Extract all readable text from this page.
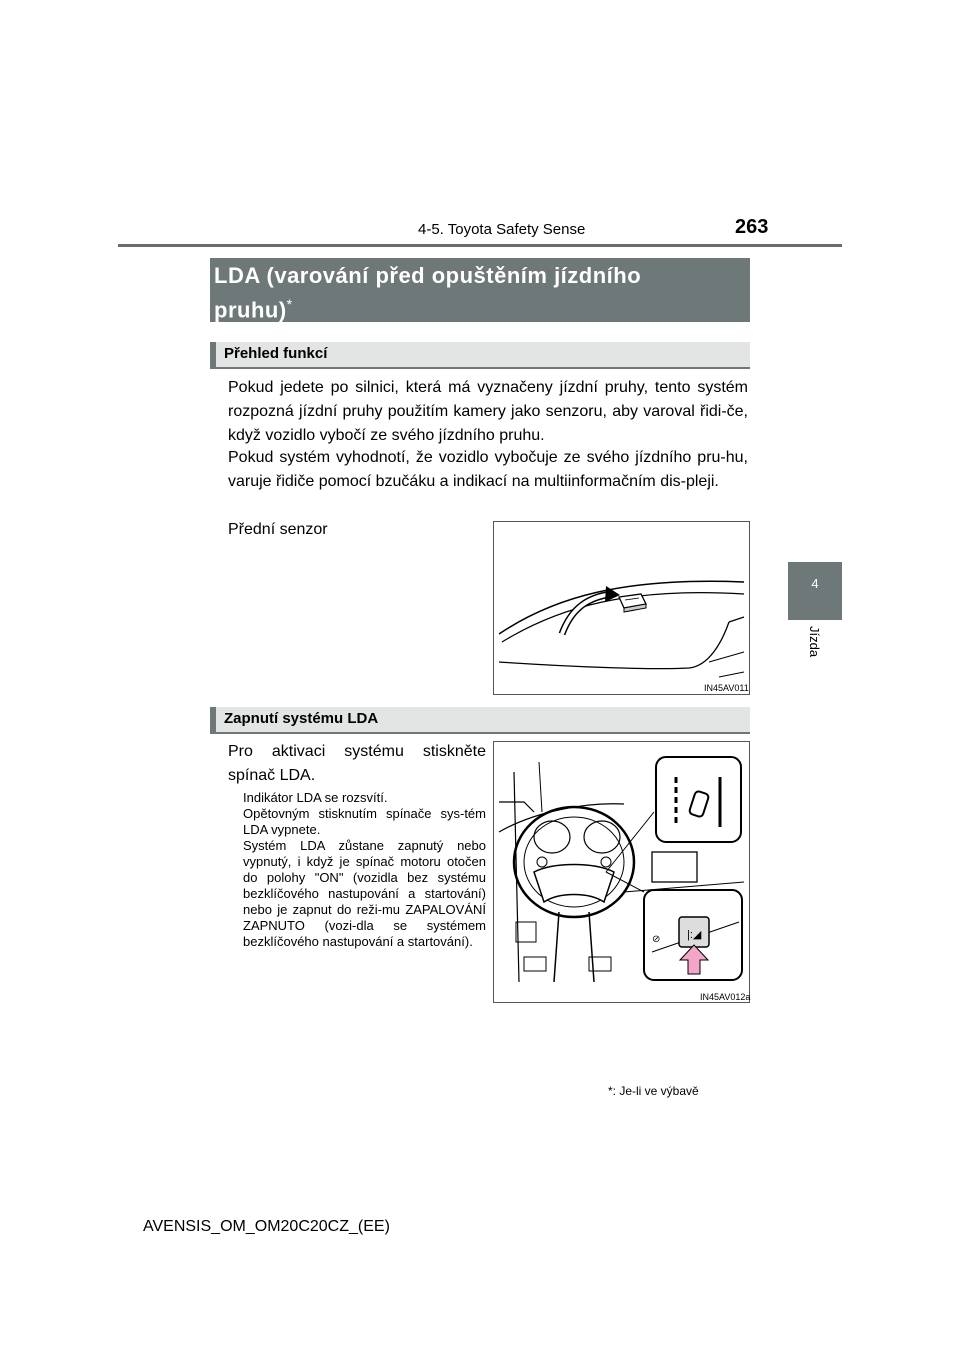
4-5. Toyota Safety Sense	263
4
Jízda
LDA (varování před opuštěním jízdního
pruhu)*
Přehled funkcí
Pokud jedete po silnici, která má vyznačeny jízdní pruhy, tento systém rozpozná jízdní pruhy použitím kamery jako senzoru, aby varoval řidi-če, když vozidlo vybočí ze svého jízdního pruhu.
Pokud systém vyhodnotí, že vozidlo vybočuje ze svého jízdního pru-hu, varuje řidiče pomocí bzučáku a indikací na multiinformačním dis-pleji.
Přední senzor
IN45AV011
Zapnutí systému LDA
Pro aktivaci systému stiskněte spínač LDA.
Indikátor LDA se rozsvítí.
Opětovným stisknutím spínače sys-tém LDA vypnete.
Systém LDA zůstane zapnutý nebo vypnutý, i když je spínač motoru otočen do polohy "ON" (vozidla bez systému bezklíčového nastupování a startování) nebo je zapnut do reži-mu ZAPALOVÁNÍ ZAPNUTO (vozi-dla se systémem bezklíčového nastupování a startování).	|:◢
⊘
IN45AV012a
*: Je-li ve výbavě
AVENSIS_OM_OM20C20CZ_(EE)
